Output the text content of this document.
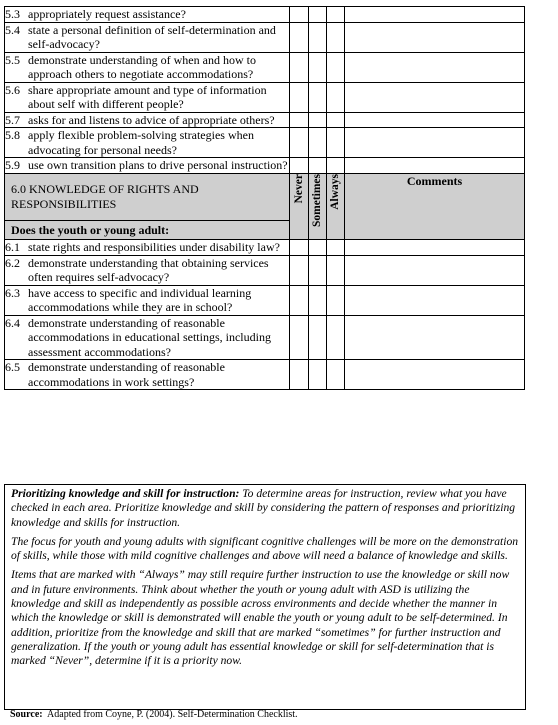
5.3 appropriately request assistance?				

5.4 state a personal definition of self-determination and self-advocacy?				

5.5 demonstrate understanding of when and how to approach others to negotiate accommodations?				

5.6 share appropriate amount and type of information about self with different people?				

5.7 asks for and listens to advice of appropriate others?				

5.8 apply flexible problem-solving strategies when advocating for personal needs?				

5.9 use own transition plans to drive personal instruction?				

6.0 KNOWLEDGE OF RIGHTS AND RESPONSIBILITIES
Does the youth or young adult:	Never	Sometimes	Always	Comments

6.1 state rights and responsibilities under disability law?				

6.2 demonstrate understanding that obtaining services often requires self-advocacy?				

6.3 have access to specific and individual learning accommodations while they are in school?				

6.4 demonstrate understanding of reasonable accommodations in educational settings, including assessment accommodations?				

6.5 demonstrate understanding of reasonable accommodations in work settings?				

Prioritizing knowledge and skill for instruction: To determine areas for instruction, review what you have checked in each area. Prioritize knowledge and skill by considering the pattern of responses and prioritizing knowledge and skills for instruction.

The focus for youth and young adults with significant cognitive challenges will be more on the demonstration of skills, while those with mild cognitive challenges and above will need a balance of knowledge and skills.

Items that are marked with “Always” may still require further instruction to use the knowledge or skill now and in future environments. Think about whether the youth or young adult with ASD is utilizing the knowledge and skill as independently as possible across environments and decide whether the manner in which the knowledge or skill is demonstrated will enable the youth or young adult to be self-determined. In addition, prioritize from the knowledge and skill that are marked “sometimes” for further instruction and generalization. If the youth or young adult has essential knowledge or skill for self-determination that is marked “Never”, determine if it is a priority now.

Source: Adapted from Coyne, P. (2004). Self-Determination Checklist.
